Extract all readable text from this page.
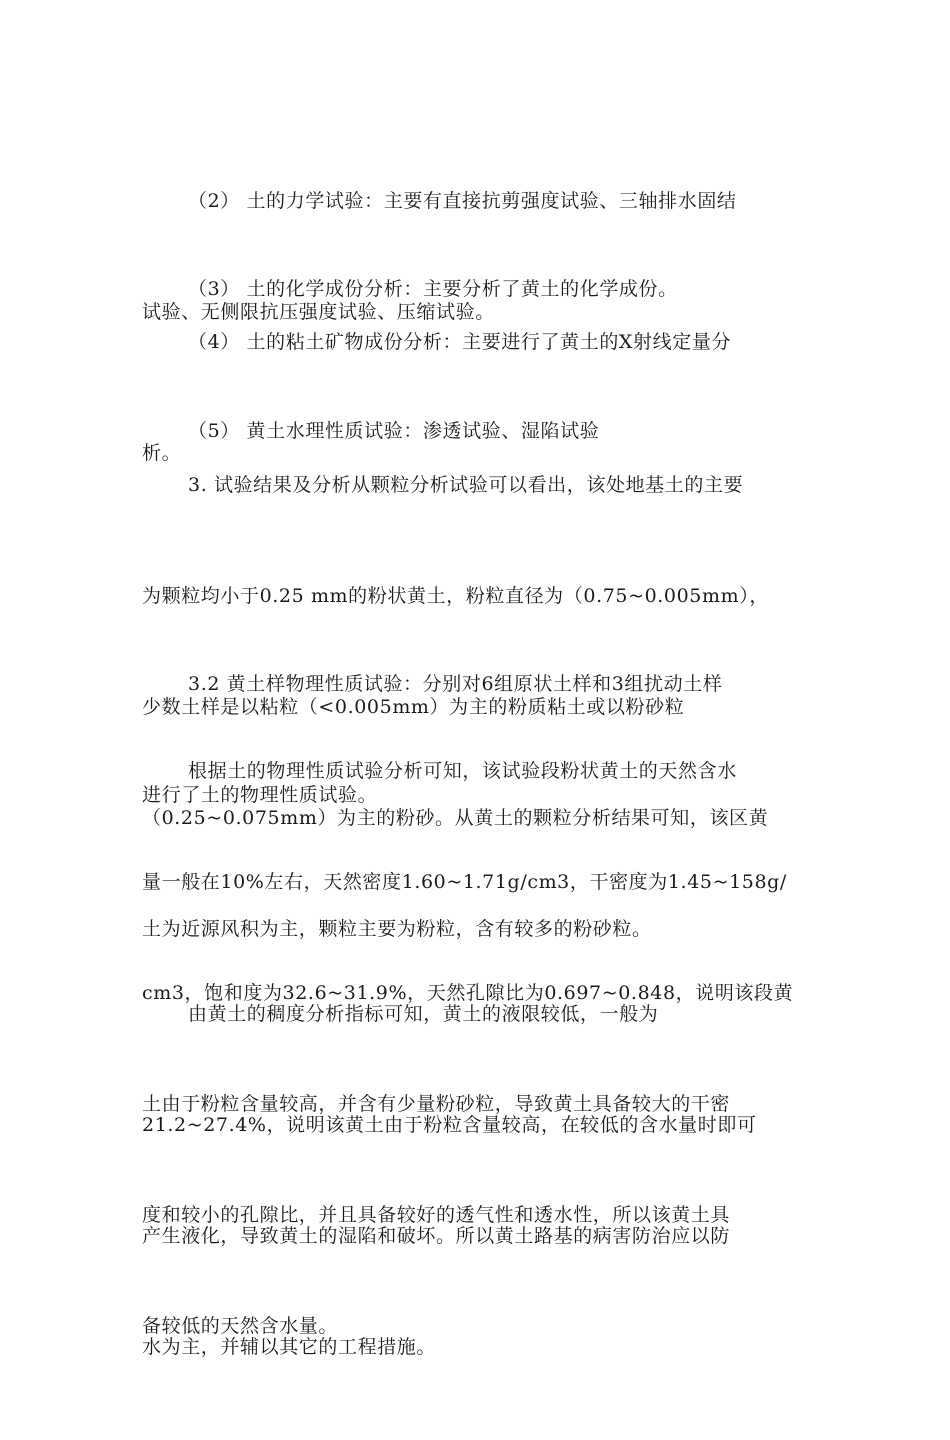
（2） 土的力学试验：主要有直接抗剪强度试验、三轴排水固结

试验、无侧限抗压强度试验、压缩试验。

（3） 土的化学成份分析：主要分析了黄土的化学成份。

（4） 土的粘土矿物成份分析：主要进行了黄土的X射线定量分

析。

（5） 黄土水理性质试验：渗透试验、湿陷试验

3. 试验结果及分析从颗粒分析试验可以看出，该处地基土的主要

为颗粒均小于0.25 mm的粉状黄土，粉粒直径为（0.75~0.005mm），

少数土样是以粘粒（<0.005mm）为主的粉质粘土或以粉砂粒

（0.25~0.075mm）为主的粉砂。从黄土的颗粒分析结果可知，该区黄

土为近源风积为主，颗粒主要为粉粒，含有较多的粉砂粒。

3.2 黄土样物理性质试验：分别对6组原状土样和3组扰动土样

进行了土的物理性质试验。

根据土的物理性质试验分析可知，该试验段粉状黄土的天然含水

量一般在10%左右，天然密度1.60~1.71g/cm3，干密度为1.45~158g/

cm3，饱和度为32.6~31.9%，天然孔隙比为0.697~0.848，说明该段黄

土由于粉粒含量较高，并含有少量粉砂粒，导致黄土具备较大的干密

度和较小的孔隙比，并且具备较好的透气性和透水性，所以该黄土具

备较低的天然含水量。

由黄土的稠度分析指标可知，黄土的液限较低，一般为

21.2~27.4%，说明该黄土由于粉粒含量较高，在较低的含水量时即可

产生液化，导致黄土的湿陷和破坏。所以黄土路基的病害防治应以防

水为主，并辅以其它的工程措施。
